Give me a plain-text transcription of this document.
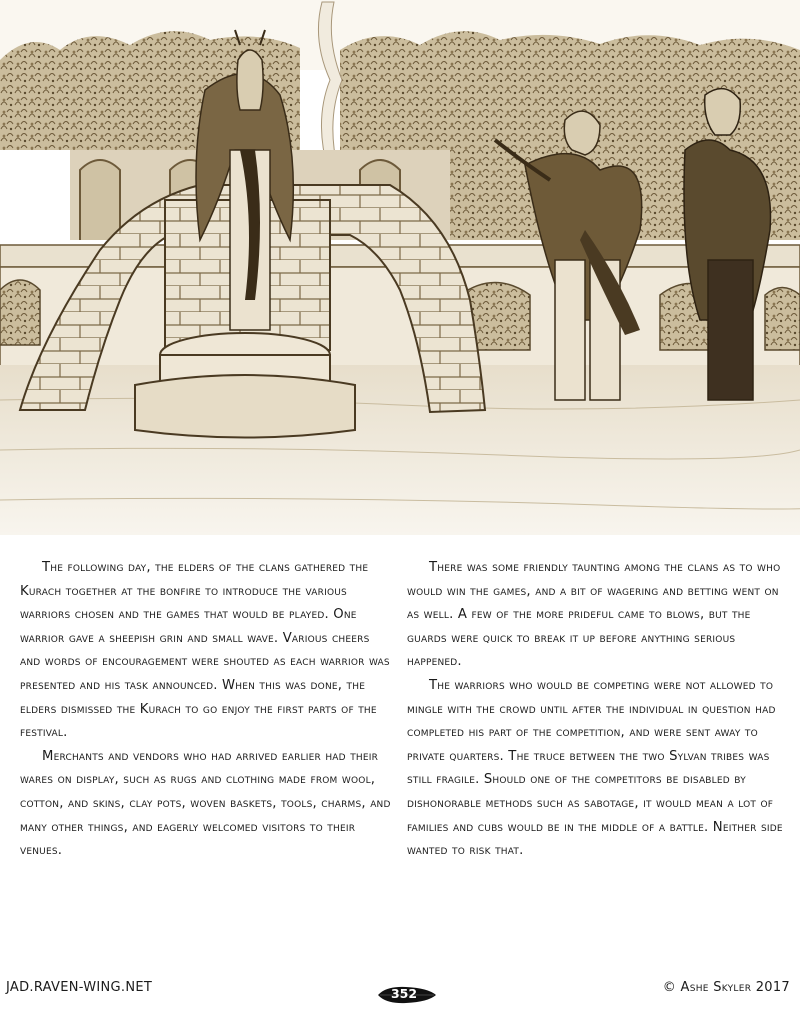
The following day, the elders of the clans gathered the Kurach together at the bonfire to introduce the various warriors chosen and the games that would be played. One warrior gave a sheepish grin and small wave. Various cheers and words of encouragement were shouted as each warrior was presented and his task announced. When this was done, the elders dismissed the Kurach to go enjoy the first parts of the festival.

Merchants and vendors who had arrived earlier had their wares on display, such as rugs and clothing made from wool, cotton, and skins, clay pots, woven baskets, tools, charms, and many other things, and eagerly welcomed visitors to their venues.

There was some friendly taunting among the clans as to who would win the games, and a bit of wagering and betting went on as well. A few of the more prideful came to blows, but the guards were quick to break it up before anything serious happened.

The warriors who would be competing were not allowed to mingle with the crowd until after the individual in question had completed his part of the competition, and were sent away to private quarters. The truce between the two Sylvan tribes was still fragile. Should one of the competitors be disabled by dishonorable methods such as sabotage, it would mean a lot of families and cubs would be in the middle of a battle. Neither side wanted to risk that.

JAD.RAVEN-WING.NET	352	© Ashe Skyler 2017
